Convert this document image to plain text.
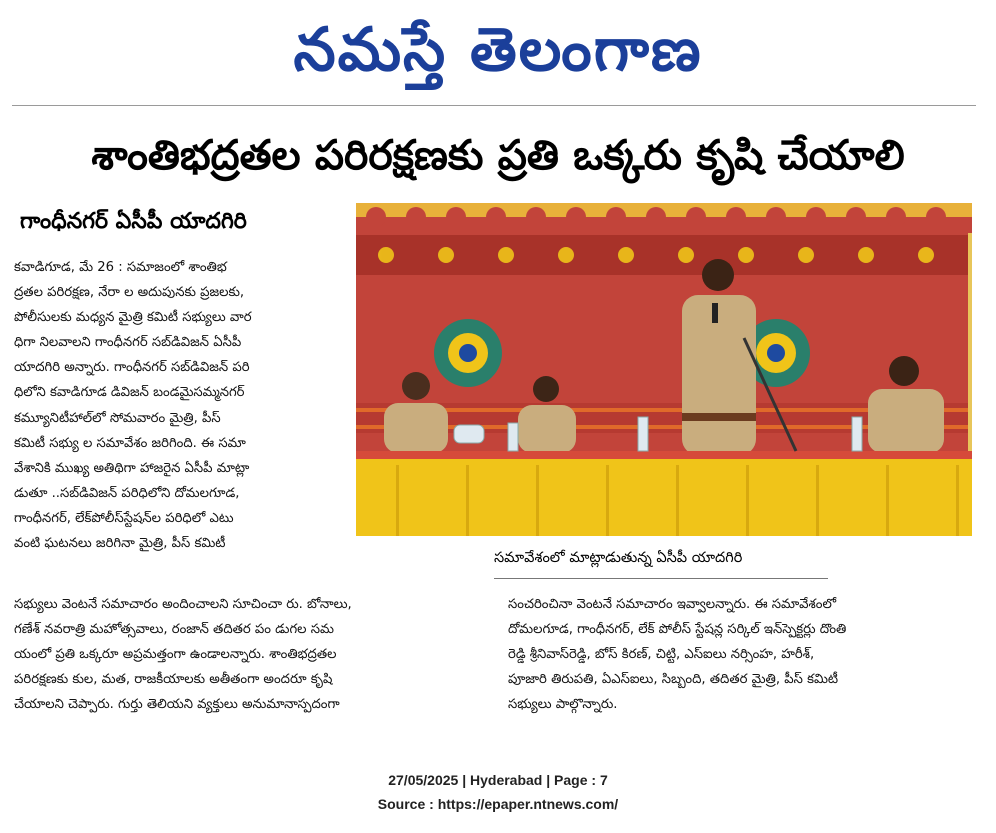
నమస్తే తెలంగాణ
శాంతిభద్రతల పరిరక్షణకు ప్రతి ఒక్కరు కృషి చేయాలి
గాంధీనగర్ ఏసీపీ యాదగిరి
సమావేశంలో మాట్లాడుతున్న ఏసీపీ యాదగిరి

కవాడిగూడ, మే 26 : సమాజంలో శాంతిభ

ద్రతల పరిరక్షణ, నేరా ల అదుపునకు ప్రజలకు,

పోలీసులకు మధ్యన మైత్రి కమిటీ సభ్యులు వార

ధిగా నిలవాలని గాంధీనగర్ సబ్‌డివిజన్ ఏసీపీ

యాదగిరి అన్నారు. గాంధీనగర్ సబ్‌డివిజన్ పరి

ధిలోని కవాడిగూడ డివిజన్ బండమైసమ్మనగర్

కమ్యూనిటీహాల్‌లో సోమవారం మైత్రి, పీస్

కమిటీ సభ్యు ల సమావేశం జరిగింది. ఈ సమా

వేశానికి ముఖ్య అతిథిగా హాజరైన ఏసీపీ మాట్లా

డుతూ ..సబ్‌డివిజన్ పరిధిలోని దోమలగూడ,

గాంధీనగర్, లేక్‌పోలీస్‌స్టేషన్‌ల పరిధిలో ఎటు

వంటి ఘటనలు జరిగినా మైత్రి, పీస్ కమిటీ

సభ్యులు వెంటనే సమాచారం అందించాలని సూచించా రు. బోనాలు,

గణేశ్ నవరాత్రి మహోత్సవాలు, రంజాన్ తదితర పం డుగల సమ

యంలో ప్రతి ఒక్కరూ అప్రమత్తంగా ఉండాలన్నారు. శాంతిభద్రతల

పరిరక్షణకు కుల, మత, రాజకీయాలకు అతీతంగా అందరూ కృషి

చేయాలని చెప్పారు. గుర్తు తెలియని వ్యక్తులు అనుమానాస్పదంగా

సంచరించినా వెంటనే సమాచారం ఇవ్వాలన్నారు. ఈ సమావేశంలో

దోమలగూడ, గాంధీనగర్, లేక్ పోలీస్ స్టేషన్ల సర్కిల్ ఇన్‌స్పెక్టర్లు దొంతి

రెడ్డి శ్రీనివాస్‌రెడ్డి, బోస్ కిరణ్, చిట్టి, ఎస్‌ఐలు నర్సింహ, హరీశ్,

పూజారి తిరుపతి, ఏఎస్‌ఐలు, సిబ్బంది, తదితర మైత్రి, పీస్ కమిటీ

సభ్యులు పాల్గొన్నారు.

27/05/2025 | Hyderabad | Page : 7
Source : https://epaper.ntnews.com/
